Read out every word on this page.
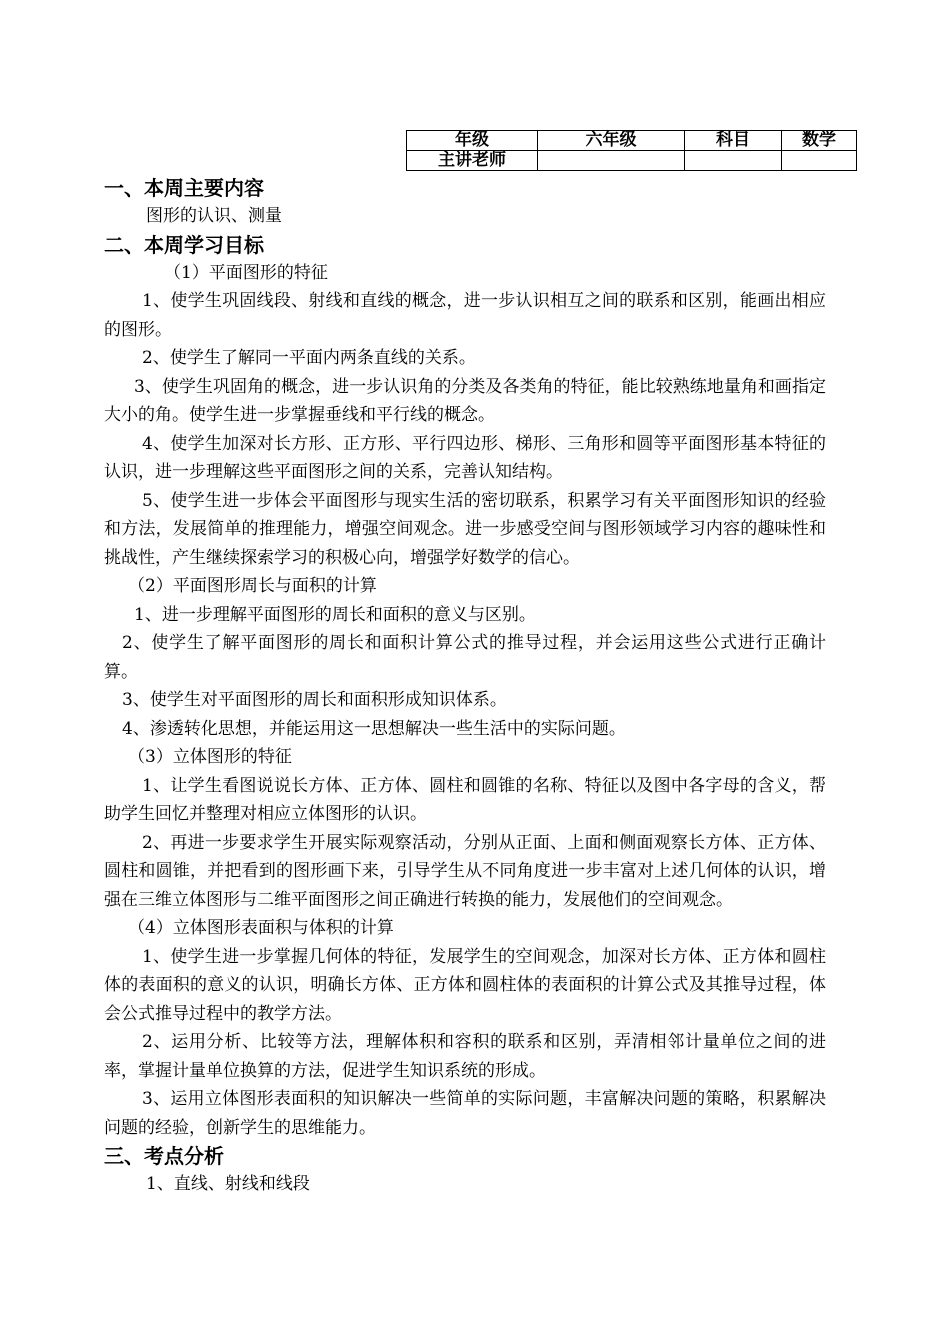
年级	六年级	科目	数学
主讲老师			
一、本周主要内容

图形的认识、测量

二、本周学习目标

（1）平面图形的特征

1、使学生巩固线段、射线和直线的概念，进一步认识相互之间的联系和区别，能画出相应的图形。

2、使学生了解同一平面内两条直线的关系。

3、使学生巩固角的概念，进一步认识角的分类及各类角的特征，能比较熟练地量角和画指定大小的角。使学生进一步掌握垂线和平行线的概念。

4、使学生加深对长方形、正方形、平行四边形、梯形、三角形和圆等平面图形基本特征的认识，进一步理解这些平面图形之间的关系，完善认知结构。

5、使学生进一步体会平面图形与现实生活的密切联系，积累学习有关平面图形知识的经验和方法，发展简单的推理能力，增强空间观念。进一步感受空间与图形领域学习内容的趣味性和挑战性，产生继续探索学习的积极心向，增强学好数学的信心。

（2）平面图形周长与面积的计算

1、进一步理解平面图形的周长和面积的意义与区别。

2、使学生了解平面图形的周长和面积计算公式的推导过程，并会运用这些公式进行正确计算。

3、使学生对平面图形的周长和面积形成知识体系。

4、渗透转化思想，并能运用这一思想解决一些生活中的实际问题。

（3）立体图形的特征

1、让学生看图说说长方体、正方体、圆柱和圆锥的名称、特征以及图中各字母的含义，帮助学生回忆并整理对相应立体图形的认识。

2、再进一步要求学生开展实际观察活动，分别从正面、上面和侧面观察长方体、正方体、圆柱和圆锥，并把看到的图形画下来，引导学生从不同角度进一步丰富对上述几何体的认识，增强在三维立体图形与二维平面图形之间正确进行转换的能力，发展他们的空间观念。

（4）立体图形表面积与体积的计算

1、使学生进一步掌握几何体的特征，发展学生的空间观念，加深对长方体、正方体和圆柱体的表面积的意义的认识，明确长方体、正方体和圆柱体的表面积的计算公式及其推导过程，体会公式推导过程中的教学方法。

2、运用分析、比较等方法，理解体积和容积的联系和区别，弄清相邻计量单位之间的进率，掌握计量单位换算的方法，促进学生知识系统的形成。

3、运用立体图形表面积的知识解决一些简单的实际问题，丰富解决问题的策略，积累解决问题的经验，创新学生的思维能力。

三、考点分析

1、直线、射线和线段
